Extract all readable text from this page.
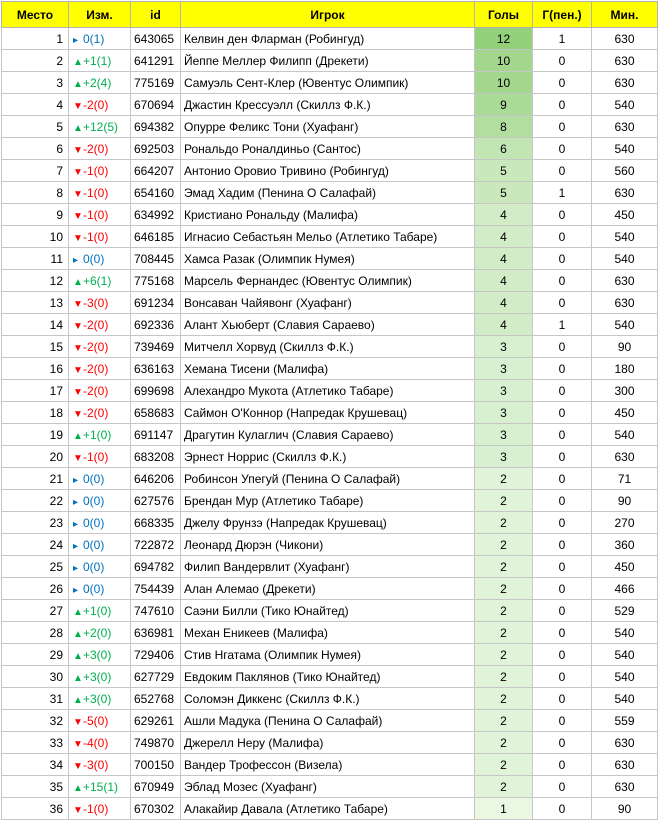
Место	Изм.	id	Игрок	Голы	Г(пен.)	Мин.
1	▸ 0(1)	643065	Келвин ден Фларман (Робингуд)	12	1	630
2	▲+1(1)	641291	Йеппе Меллер Филипп (Дрекети)	10	0	630
3	▲+2(4)	775169	Самуэль Сент-Клер (Ювентус Олимпик)	10	0	630
4	▼-2(0)	670694	Джастин Крессуэлл (Скиллз Ф.К.)	9	0	540
5	▲+12(5)	694382	Опурре Феликс Тони (Хуафанг)	8	0	630
6	▼-2(0)	692503	Рональдо Роналдиньо (Сантос)	6	0	540
7	▼-1(0)	664207	Антонио Оровио Тривино (Робингуд)	5	0	560
8	▼-1(0)	654160	Эмад Хадим (Пенина О Салафай)	5	1	630
9	▼-1(0)	634992	Кристиано Рональду (Малифа)	4	0	450
10	▼-1(0)	646185	Игнасио Себастьян Мельо (Атлетико Табаре)	4	0	540
11	▸ 0(0)	708445	Хамса Разак (Олимпик Нумея)	4	0	540
12	▲+6(1)	775168	Марсель Фернандес (Ювентус Олимпик)	4	0	630
13	▼-3(0)	691234	Вонсаван Чайявонг (Хуафанг)	4	0	630
14	▼-2(0)	692336	Алант Хьюберт (Славия Сараево)	4	1	540
15	▼-2(0)	739469	Митчелл Хорвуд (Скиллз Ф.К.)	3	0	90
16	▼-2(0)	636163	Хемана Тисени (Малифа)	3	0	180
17	▼-2(0)	699698	Алехандро Мукота (Атлетико Табаре)	3	0	300
18	▼-2(0)	658683	Саймон О'Коннор (Напредак Крушевац)	3	0	450
19	▲+1(0)	691147	Драгутин Кулаглич (Славия Сараево)	3	0	540
20	▼-1(0)	683208	Эрнест Норрис (Скиллз Ф.К.)	3	0	630
21	▸ 0(0)	646206	Робинсон Упегуй (Пенина О Салафай)	2	0	71
22	▸ 0(0)	627576	Брендан Мур (Атлетико Табаре)	2	0	90
23	▸ 0(0)	668335	Джелу Фрунзэ (Напредак Крушевац)	2	0	270
24	▸ 0(0)	722872	Леонард Дюрэн (Чикони)	2	0	360
25	▸ 0(0)	694782	Филип Вандервлит (Хуафанг)	2	0	450
26	▸ 0(0)	754439	Алан Алемао (Дрекети)	2	0	466
27	▲+1(0)	747610	Саэни Билли (Тико Юнайтед)	2	0	529
28	▲+2(0)	636981	Механ Еникеев (Малифа)	2	0	540
29	▲+3(0)	729406	Стив Нгатама (Олимпик Нумея)	2	0	540
30	▲+3(0)	627729	Евдоким Паклянов (Тико Юнайтед)	2	0	540
31	▲+3(0)	652768	Соломэн Диккенс (Скиллз Ф.К.)	2	0	540
32	▼-5(0)	629261	Ашли Мадука (Пенина О Салафай)	2	0	559
33	▼-4(0)	749870	Джерелл Неру (Малифа)	2	0	630
34	▼-3(0)	700150	Вандер Трофессон (Визела)	2	0	630
35	▲+15(1)	670949	Эблад Мозес (Хуафанг)	2	0	630
36	▼-1(0)	670302	Алакайир Давала (Атлетико Табаре)	1	0	90
